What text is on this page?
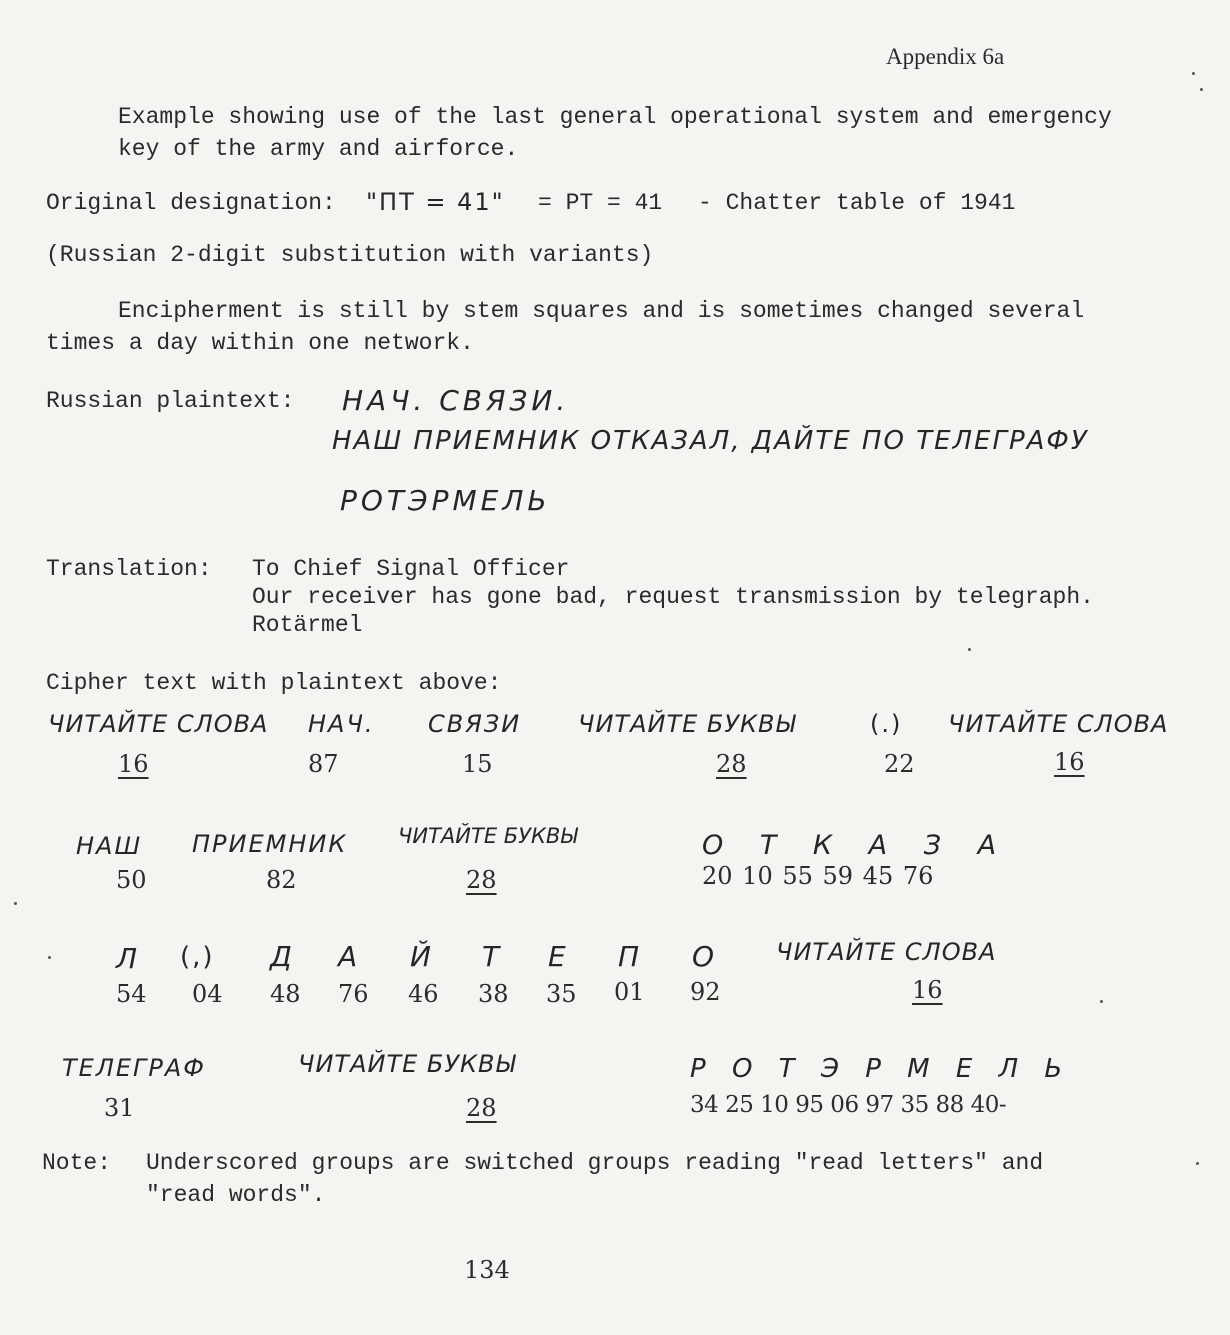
Appendix 6a
Example showing use of the last general operational system and emergency
key of the army and airforce.
Original designation: "ПТ = 41" = PT = 41 - Chatter table of 1941
(Russian 2-digit substitution with variants)
Encipherment is still by stem squares and is sometimes changed several
times a day within one network.
Russian plaintext: НАЧ. СВЯЗИ.
НАШ ПРИЕМНИК ОТКАЗАЛ, ДАЙТЕ ПО ТЕЛЕГРАФУ
РОТЭРМЕЛЬ
Translation: To Chief Signal Officer
Our receiver has gone bad, request transmission by telegraph.
Rotärmel
Cipher text with plaintext above:
ЧИТАЙТЕ СЛОВА
16
НАЧ.
87
СВЯЗИ
15
ЧИТАЙТЕ БУКВЫ
28
(.)
22
ЧИТАЙТЕ СЛОВА
16
НАШ
50
ПРИЕМНИК
82
ЧИТАЙТЕ БУКВЫ
28
О Т К А З А
20 10 55 59 45 76
Л
54
(,)
04
Д
48
А
76
Й
46
Т
38
Е
35
П
01
О
92
ЧИТАЙТЕ СЛОВА
16
ТЕЛЕГРАФ
31
ЧИТАЙТЕ БУКВЫ
28
Р О Т Э Р М Е Л Ь
34 25 10 95 06 97 35 88 40-
Note: Underscored groups are switched groups reading "read letters" and
"read words".
134
